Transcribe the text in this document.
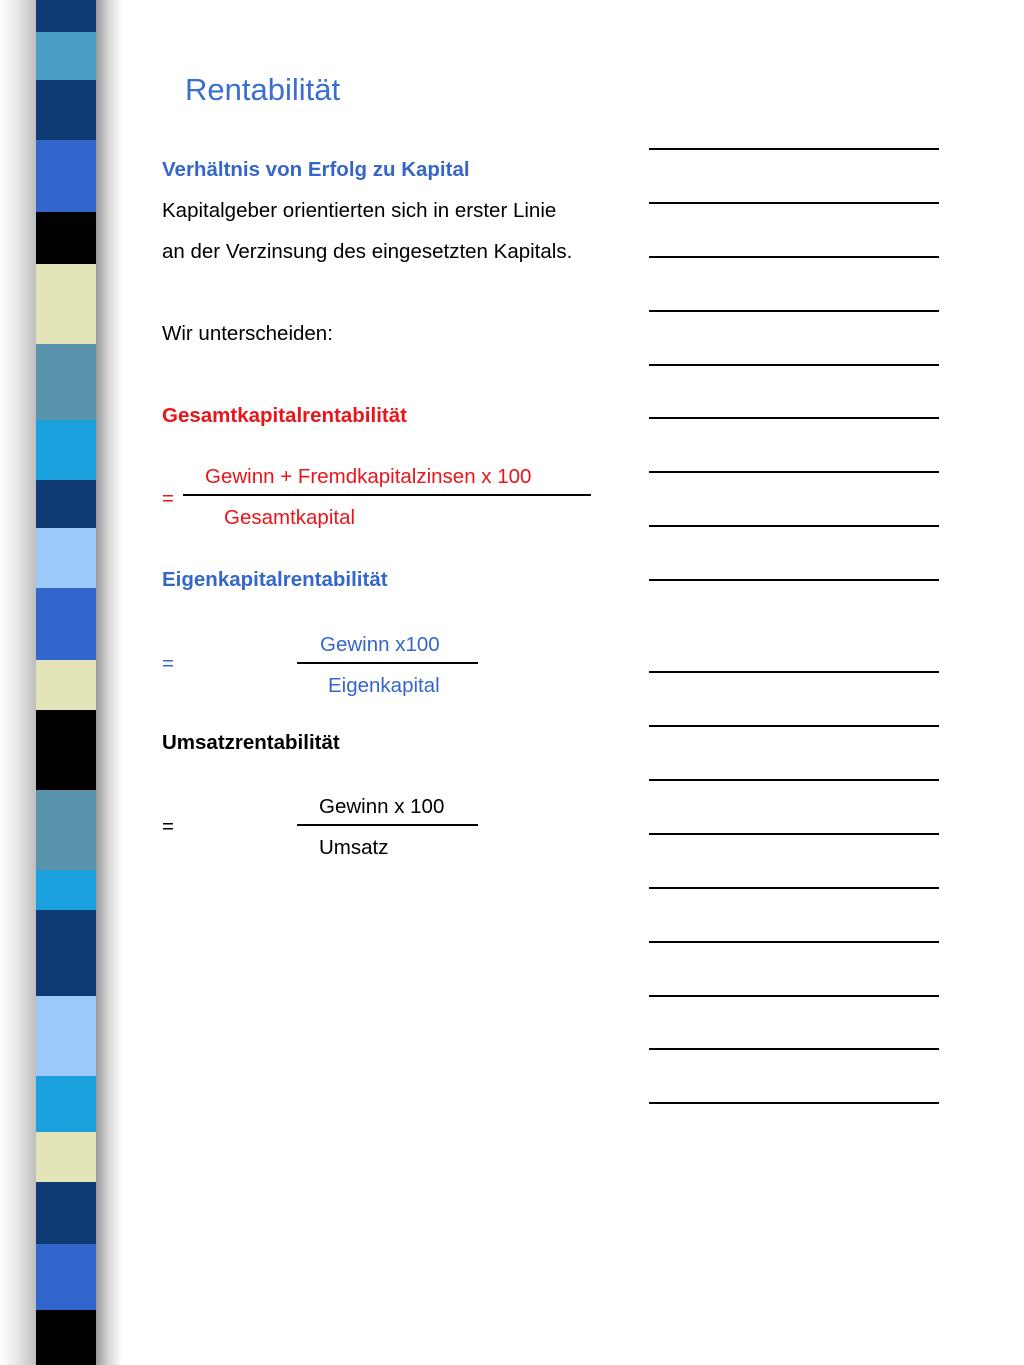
Rentabilität
Verhältnis von Erfolg zu Kapital
Kapitalgeber orientierten sich in erster Linie
an der Verzinsung des eingesetzten Kapitals.
Wir unterscheiden:
Gesamtkapitalrentabilität
Gewinn + Fremdkapitalzinsen x 100
=
Gesamtkapital
Eigenkapitalrentabilität
Gewinn x100
=
Eigenkapital
Umsatzrentabilität
Gewinn x 100
=
Umsatz
